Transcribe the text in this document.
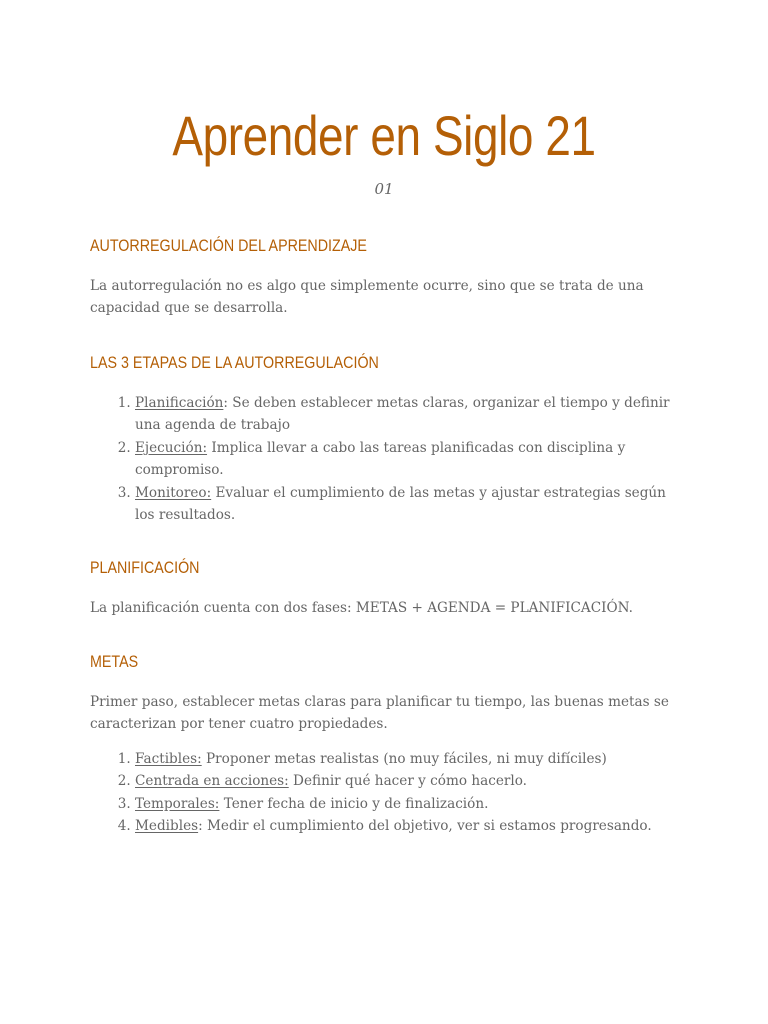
Aprender en Siglo 21

01

AUTORREGULACIÓN DEL APRENDIZAJE

La autorregulación no es algo que simplemente ocurre, sino que se trata de una capacidad que se desarrolla.

LAS 3 ETAPAS DE LA AUTORREGULACIÓN
1. Planificación: Se deben establecer metas claras, organizar el tiempo y definir una agenda de trabajo
2. Ejecución: Implica llevar a cabo las tareas planificadas con disciplina y compromiso.
3. Monitoreo: Evaluar el cumplimiento de las metas y ajustar estrategias según los resultados.
PLANIFICACIÓN

La planificación cuenta con dos fases: METAS + AGENDA = PLANIFICACIÓN.

METAS

Primer paso, establecer metas claras para planificar tu tiempo, las buenas metas se caracterizan por tener cuatro propiedades.

1. Factibles: Proponer metas realistas (no muy fáciles, ni muy difíciles)
2. Centrada en acciones: Definir qué hacer y cómo hacerlo.
3. Temporales: Tener fecha de inicio y de finalización.
4. Medibles: Medir el cumplimiento del objetivo, ver si estamos progresando.
